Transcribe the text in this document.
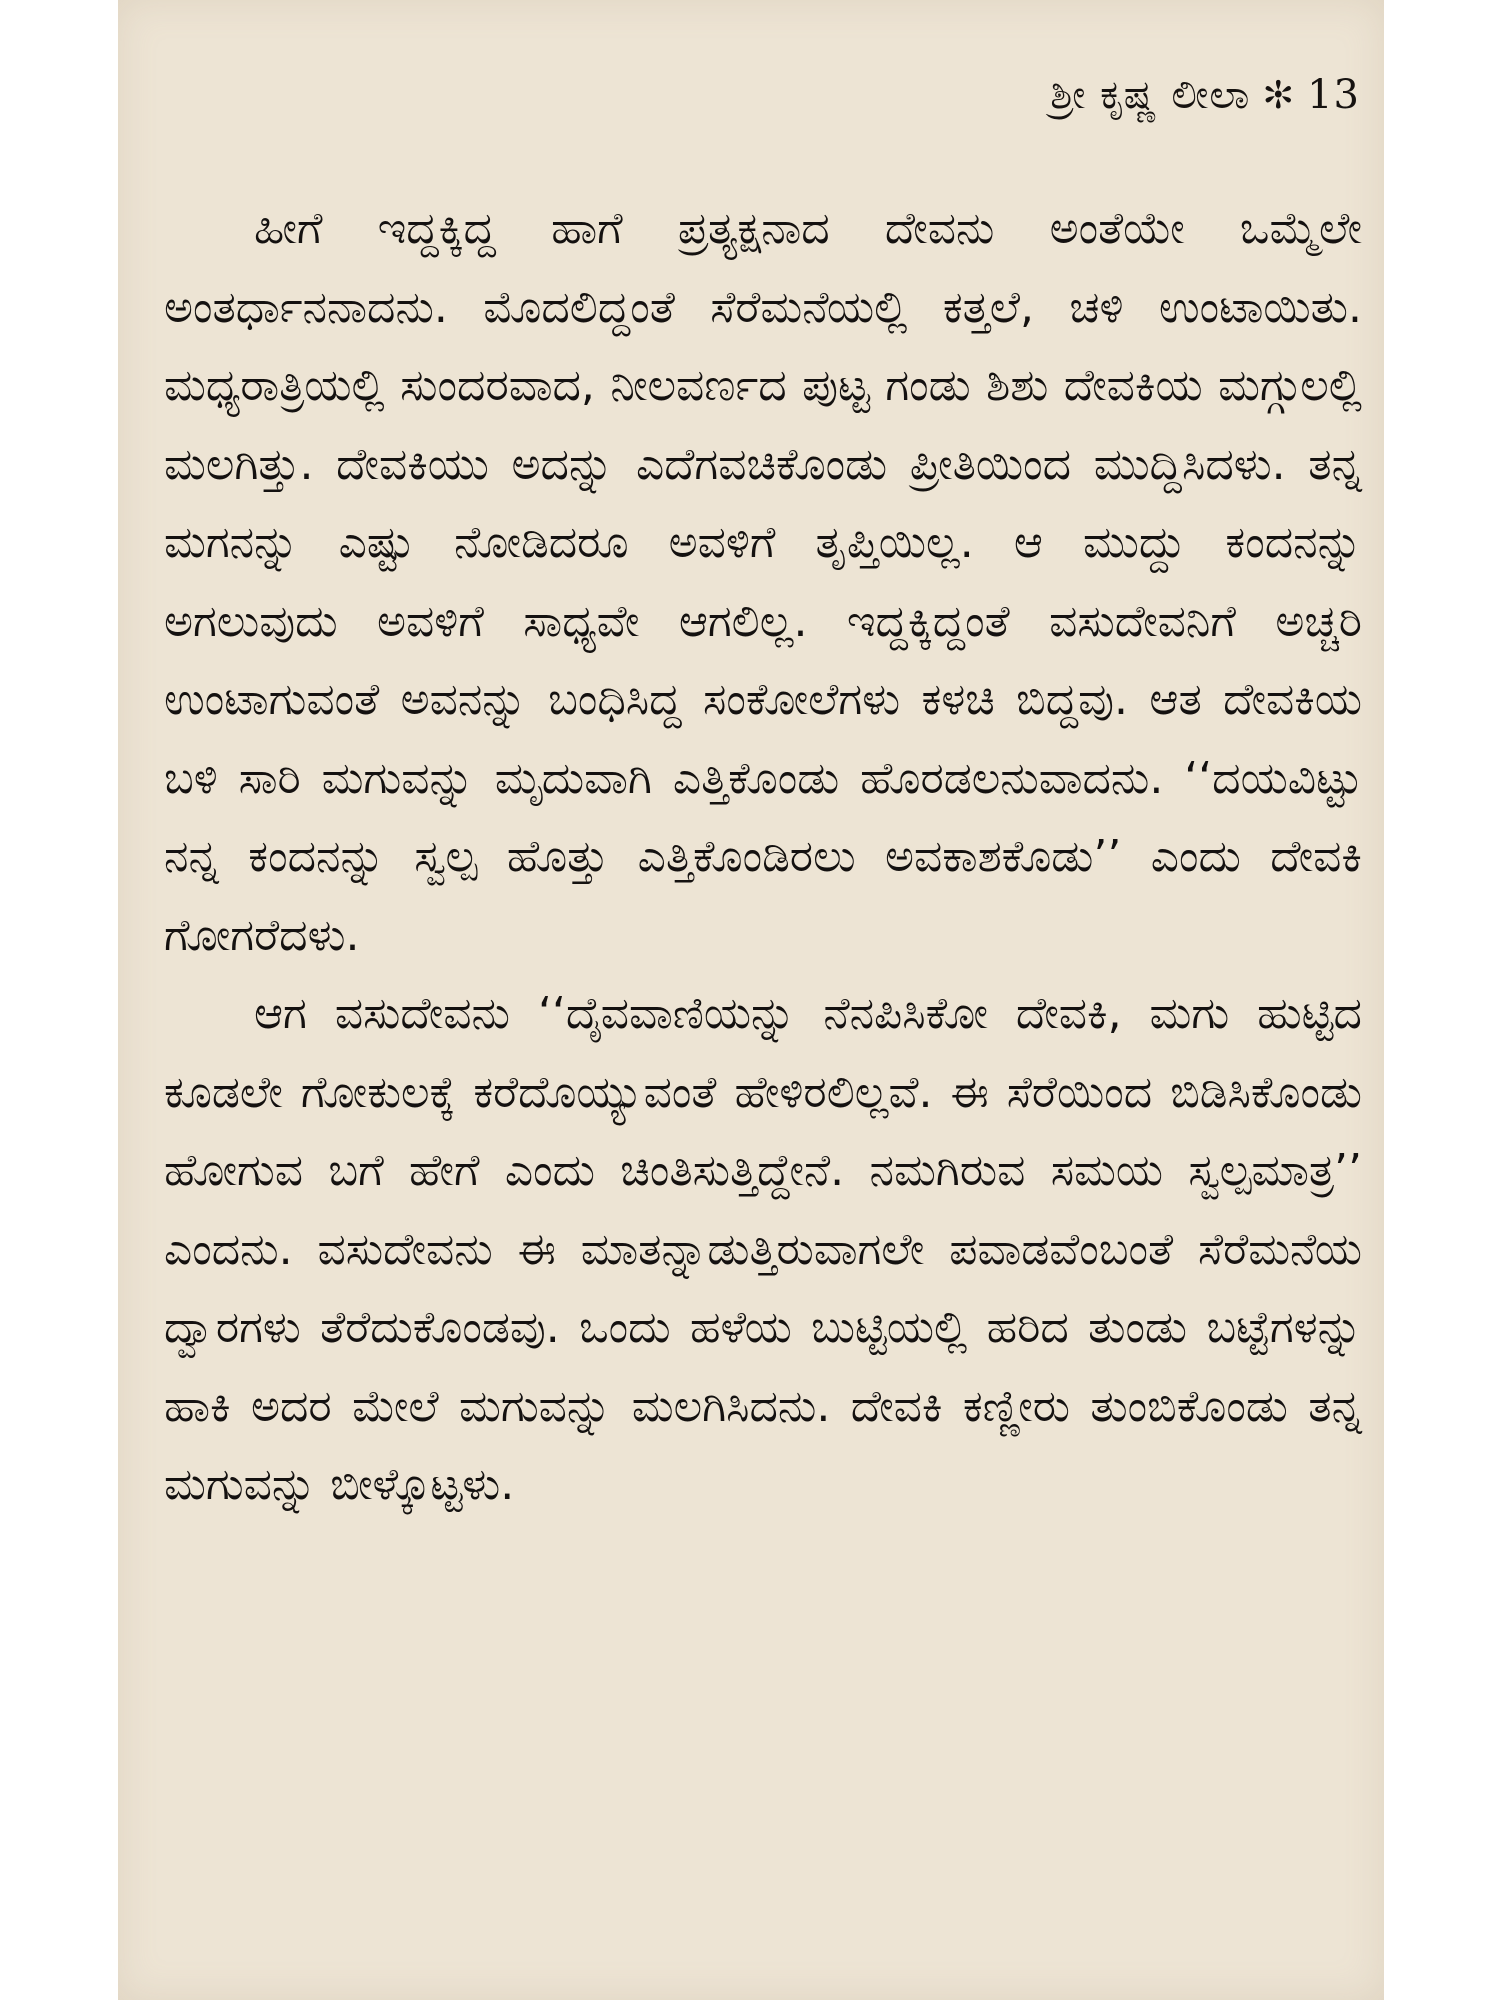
ಶ್ರೀ ಕೃಷ್ಣ ಲೀಲಾ ✻ 13

ಹೀಗೆ ಇದ್ದಕ್ಕಿದ್ದ ಹಾಗೆ ಪ್ರತ್ಯಕ್ಷನಾದ ದೇವನು ಅಂತೆಯೇ ಒಮ್ಮೆಲೇ ಅಂತರ್ಧಾನನಾದನು. ಮೊದಲಿದ್ದಂತೆ ಸೆರೆಮನೆಯಲ್ಲಿ ಕತ್ತಲೆ, ಚಳಿ ಉಂಟಾಯಿತು. ಮಧ್ಯರಾತ್ರಿಯಲ್ಲಿ ಸುಂದರವಾದ, ನೀಲವರ್ಣದ ಪುಟ್ಟ ಗಂಡು ಶಿಶು ದೇವಕಿಯ ಮಗ್ಗುಲಲ್ಲಿ ಮಲಗಿತ್ತು. ದೇವಕಿಯು ಅದನ್ನು ಎದೆಗವಚಿಕೊಂಡು ಪ್ರೀತಿಯಿಂದ ಮುದ್ದಿಸಿದಳು. ತನ್ನ ಮಗನನ್ನು ಎಷ್ಟು ನೋಡಿದರೂ ಅವಳಿಗೆ ತೃಪ್ತಿಯಿಲ್ಲ. ಆ ಮುದ್ದು ಕಂದನನ್ನು ಅಗಲುವುದು ಅವಳಿಗೆ ಸಾಧ್ಯವೇ ಆಗಲಿಲ್ಲ. ಇದ್ದಕ್ಕಿದ್ದಂತೆ ವಸುದೇವನಿಗೆ ಅಚ್ಚರಿ ಉಂಟಾಗುವಂತೆ ಅವನನ್ನು ಬಂಧಿಸಿದ್ದ ಸಂಕೋಲೆಗಳು ಕಳಚಿ ಬಿದ್ದವು. ಆತ ದೇವಕಿಯ ಬಳಿ ಸಾರಿ ಮಗುವನ್ನು ಮೃದುವಾಗಿ ಎತ್ತಿಕೊಂಡು ಹೊರಡಲನುವಾದನು. ‘‘ದಯವಿಟ್ಟು ನನ್ನ ಕಂದನನ್ನು ಸ್ವಲ್ಪ ಹೊತ್ತು ಎತ್ತಿಕೊಂಡಿರಲು ಅವಕಾಶಕೊಡು’’ ಎಂದು ದೇವಕಿ ಗೋಗರೆದಳು.

ಆಗ ವಸುದೇವನು ‘‘ದೈವವಾಣಿಯನ್ನು ನೆನಪಿಸಿಕೋ ದೇವಕಿ, ಮಗು ಹುಟ್ಟಿದ ಕೂಡಲೇ ಗೋಕುಲಕ್ಕೆ ಕರೆದೊಯ್ಯುವಂತೆ ಹೇಳಿರಲಿಲ್ಲವೆ. ಈ ಸೆರೆಯಿಂದ ಬಿಡಿಸಿಕೊಂಡು ಹೋಗುವ ಬಗೆ ಹೇಗೆ ಎಂದು ಚಿಂತಿಸುತ್ತಿದ್ದೇನೆ. ನಮಗಿರುವ ಸಮಯ ಸ್ವಲ್ಪಮಾತ್ರ’’ ಎಂದನು. ವಸುದೇವನು ಈ ಮಾತನ್ನಾಡುತ್ತಿರುವಾಗಲೇ ಪವಾಡವೆಂಬಂತೆ ಸೆರೆಮನೆಯ ದ್ವಾರಗಳು ತೆರೆದುಕೊಂಡವು. ಒಂದು ಹಳೆಯ ಬುಟ್ಟಿಯಲ್ಲಿ ಹರಿದ ತುಂಡು ಬಟ್ಟೆಗಳನ್ನು ಹಾಕಿ ಅದರ ಮೇಲೆ ಮಗುವನ್ನು ಮಲಗಿಸಿದನು. ದೇವಕಿ ಕಣ್ಣೀರು ತುಂಬಿಕೊಂಡು ತನ್ನ ಮಗುವನ್ನು ಬೀಳ್ಕೊಟ್ಟಳು.
